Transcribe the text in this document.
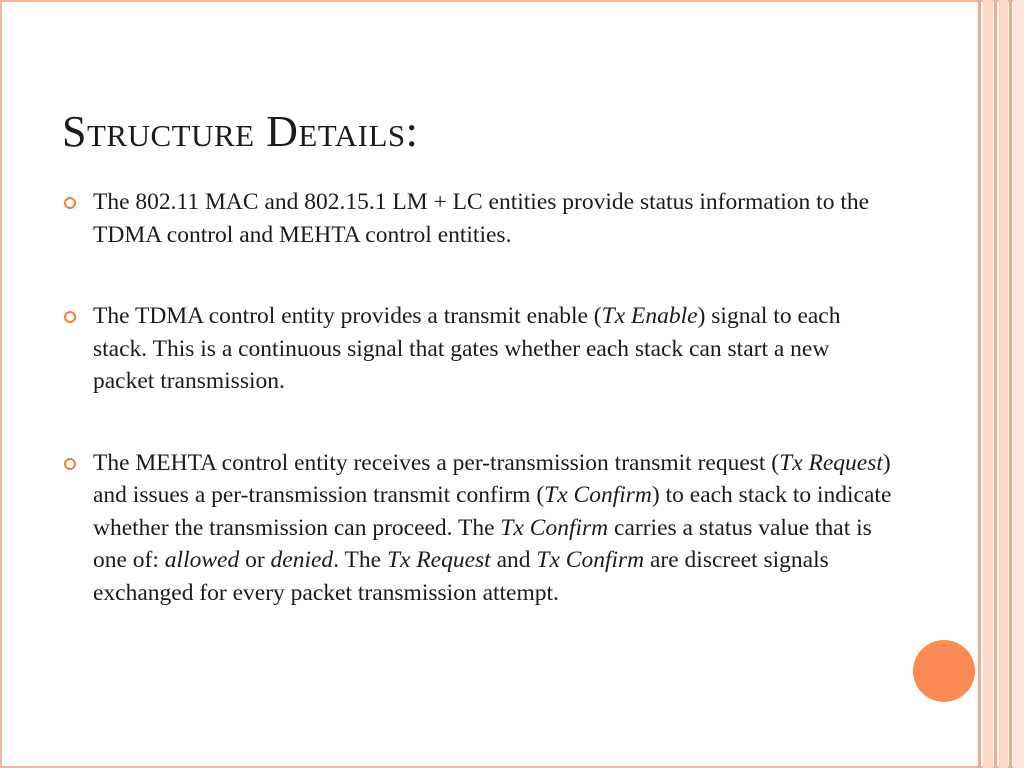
Structure Details:

The 802.11 MAC and 802.15.1 LM + LC entities provide status information to the TDMA control and MEHTA control entities.

The TDMA control entity provides a transmit enable (Tx Enable) signal to each stack. This is a continuous signal that gates whether each stack can start a new packet transmission.

The MEHTA control entity receives a per-transmission transmit request (Tx Request) and issues a per-transmission transmit confirm (Tx Confirm) to each stack to indicate whether the transmission can proceed. The Tx Confirm carries a status value that is one of: allowed or denied. The Tx Request and Tx Confirm are discreet signals exchanged for every packet transmission attempt.
